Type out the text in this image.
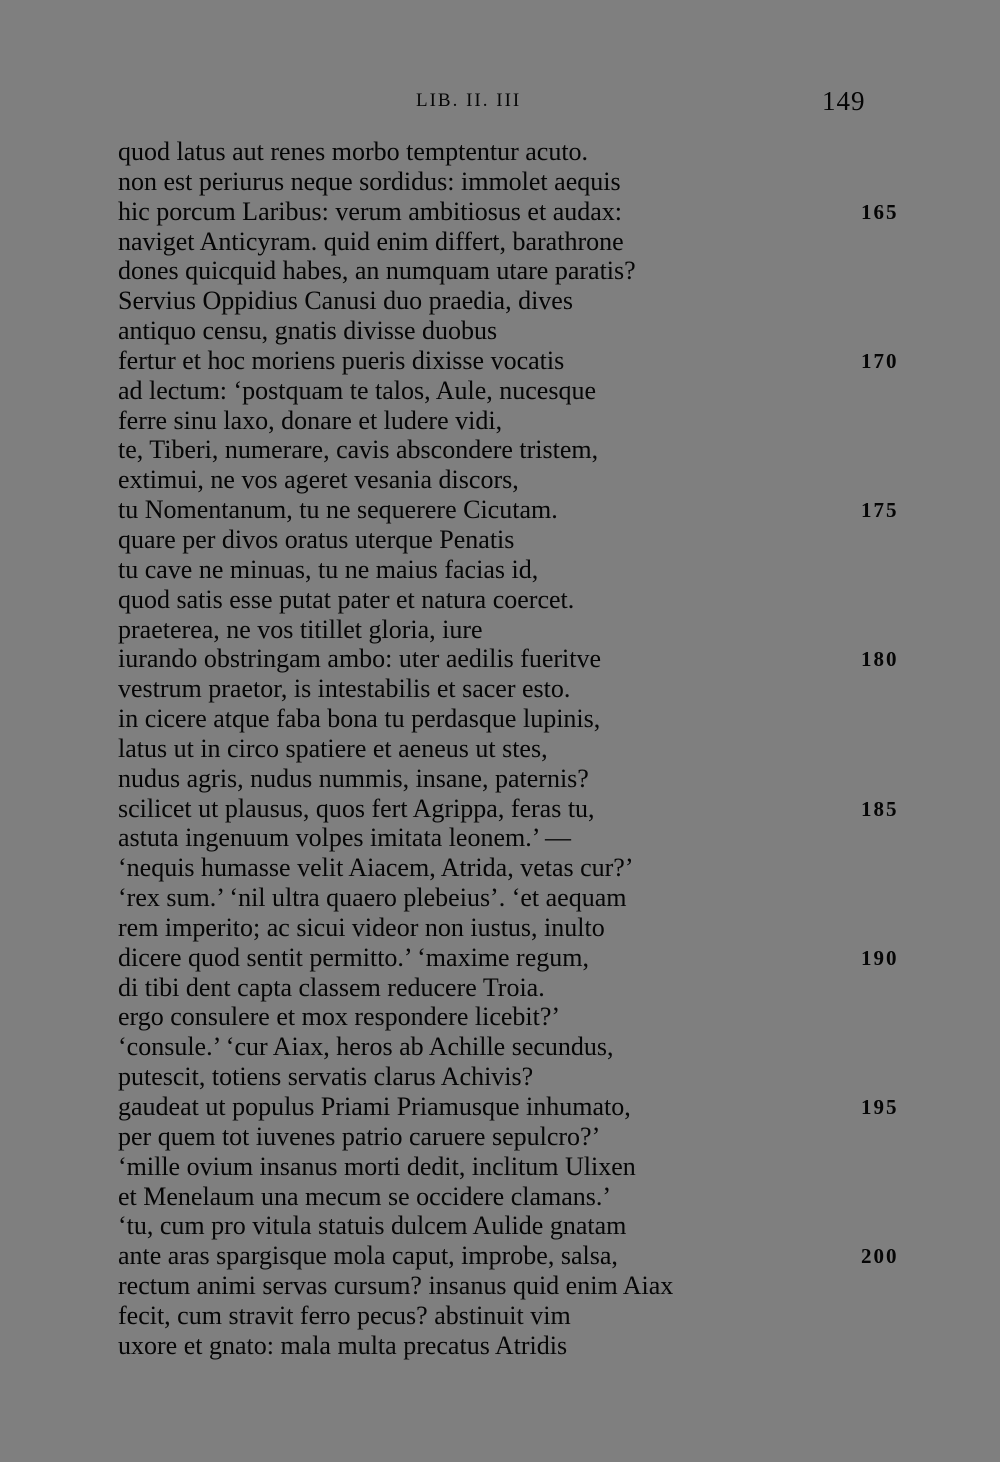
LIB. II. III	149
quod latus aut renes morbo temptentur acuto.
non est periurus neque sordidus: immolet aequis
hic porcum Laribus: verum ambitiosus et audax:	165
naviget Anticyram. quid enim differt, barathrone
dones quicquid habes, an numquam utare paratis?
Servius Oppidius Canusi duo praedia, dives
antiquo censu, gnatis divisse duobus
fertur et hoc moriens pueris dixisse vocatis	170
ad lectum: ‘postquam te talos, Aule, nucesque
ferre sinu laxo, donare et ludere vidi,
te, Tiberi, numerare, cavis abscondere tristem,
extimui, ne vos ageret vesania discors,
tu Nomentanum, tu ne sequerere Cicutam.	175
quare per divos oratus uterque Penatis
tu cave ne minuas, tu ne maius facias id,
quod satis esse putat pater et natura coercet.
praeterea, ne vos titillet gloria, iure
iurando obstringam ambo: uter aedilis fueritve	180
vestrum praetor, is intestabilis et sacer esto.
in cicere atque faba bona tu perdasque lupinis,
latus ut in circo spatiere et aeneus ut stes,
nudus agris, nudus nummis, insane, paternis?
scilicet ut plausus, quos fert Agrippa, feras tu,	185
astuta ingenuum volpes imitata leonem.’ —
‘nequis humasse velit Aiacem, Atrida, vetas cur?’
‘rex sum.’ ‘nil ultra quaero plebeius’. ‘et aequam
rem imperito; ac sicui videor non iustus, inulto
dicere quod sentit permitto.’ ‘maxime regum,	190
di tibi dent capta classem reducere Troia.
ergo consulere et mox respondere licebit?’
‘consule.’ ‘cur Aiax, heros ab Achille secundus,
putescit, totiens servatis clarus Achivis?
gaudeat ut populus Priami Priamusque inhumato,	195
per quem tot iuvenes patrio caruere sepulcro?’
‘mille ovium insanus morti dedit, inclitum Ulixen
et Menelaum una mecum se occidere clamans.’
‘tu, cum pro vitula statuis dulcem Aulide gnatam
ante aras spargisque mola caput, improbe, salsa,	200
rectum animi servas cursum? insanus quid enim Aiax
fecit, cum stravit ferro pecus? abstinuit vim
uxore et gnato: mala multa precatus Atridis
